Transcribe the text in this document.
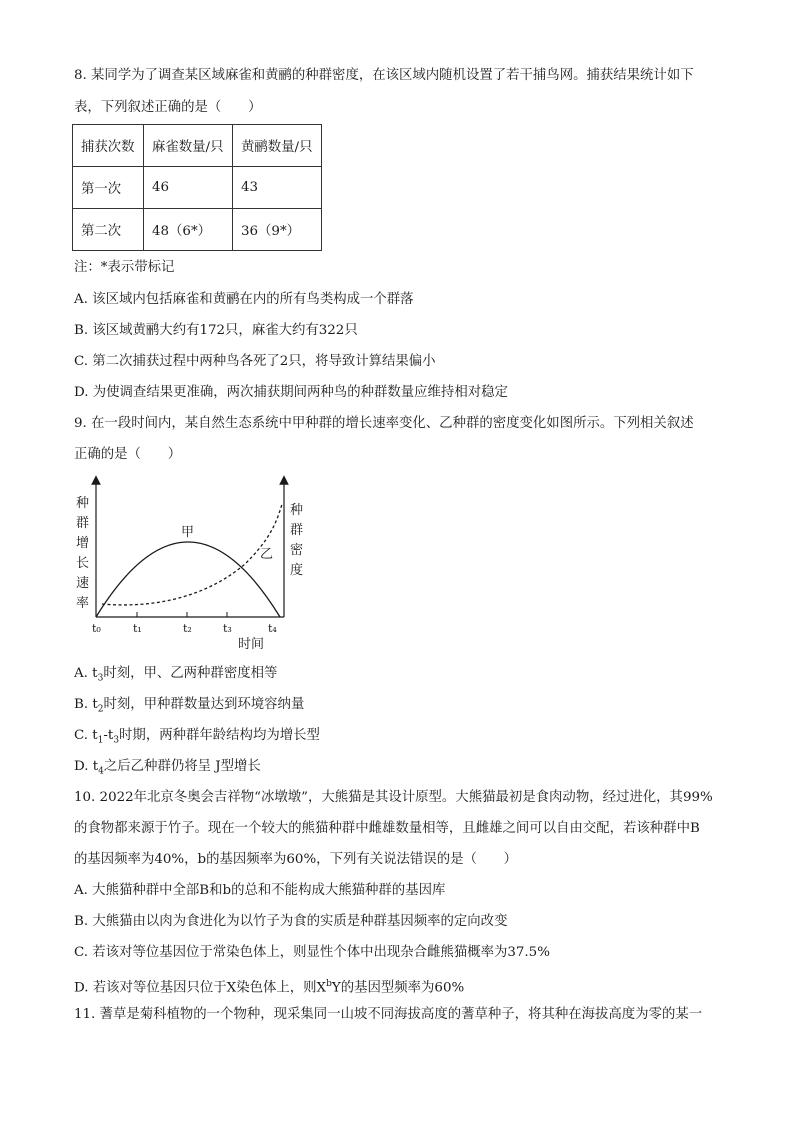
8. 某同学为了调查某区域麻雀和黄鹂的种群密度，在该区域内随机设置了若干捕鸟网。捕获结果统计如下
表，下列叙述正确的是（　　）
捕获次数	麻雀数量/只	黄鹂数量/只
第一次	46	43
第二次	48（6*）	36（9*）
注：*表示带标记
A. 该区域内包括麻雀和黄鹂在内的所有鸟类构成一个群落
B. 该区域黄鹂大约有172只，麻雀大约有322只
C. 第二次捕获过程中两种鸟各死了2只，将导致计算结果偏小
D. 为使调查结果更准确，两次捕获期间两种鸟的种群数量应维持相对稳定
9. 在一段时间内，某自然生态系统中甲种群的增长速率变化、乙种群的密度变化如图所示。下列相关叙述
正确的是（　　）
种
群
增
长
速
率
种
群
密
度
甲
乙
t₀	t₁	t₂	t₃	t₄
时间
A. $t_3$时刻，甲、乙两种群密度相等
B. $t_2$时刻，甲种群数量达到环境容纳量
C. $t_1-t_3$时期，两种群年龄结构均为增长型
D. $t_4$之后乙种群仍将呈 J型增长
10. 2022年北京冬奥会吉祥物“冰墩墩”，大熊猫是其设计原型。大熊猫最初是食肉动物，经过进化，其99%
的食物都来源于竹子。现在一个较大的熊猫种群中雌雄数量相等，且雌雄之间可以自由交配，若该种群中B
的基因频率为40%，b的基因频率为60%，下列有关说法错误的是（　　）
A. 大熊猫种群中全部B和b的总和不能构成大熊猫种群的基因库
B. 大熊猫由以肉为食进化为以竹子为食的实质是种群基因频率的定向改变
C. 若该对等位基因位于常染色体上，则显性个体中出现杂合雌熊猫概率为37.5%
D. 若该对等位基因只位于X染色体上，则$X^bY$的基因型频率为60%
11. 蓍草是菊科植物的一个物种，现采集同一山坡不同海拔高度的蓍草种子，将其种在海拔高度为零的某一
